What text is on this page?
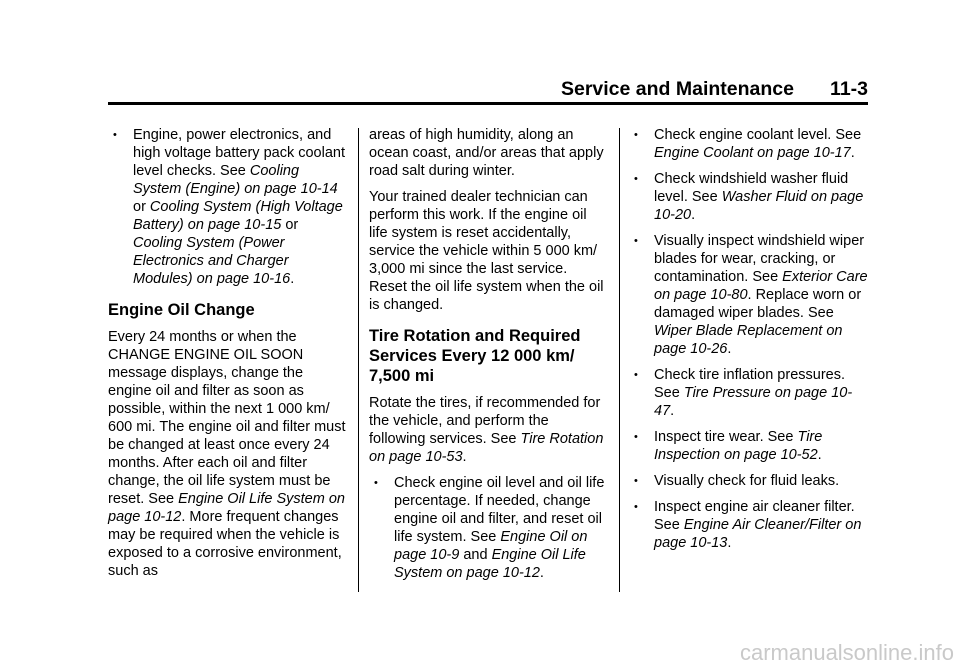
Service and Maintenance 11-3
• Engine, power electronics, and high voltage battery pack coolant level checks. See Cooling System (Engine) on page 10-14 or Cooling System (High Voltage Battery) on page 10-15 or Cooling System (Power Electronics and Charger Modules) on page 10-16.
Engine Oil Change

Every 24 months or when the CHANGE ENGINE OIL SOON message displays, change the engine oil and filter as soon as possible, within the next 1 000 km/ 600 mi. The engine oil and filter must be changed at least once every 24 months. After each oil and filter change, the oil life system must be reset. See Engine Oil Life System on page 10-12. More frequent changes may be required when the vehicle is exposed to a corrosive environment, such as

areas of high humidity, along an ocean coast, and/or areas that apply road salt during winter.

Your trained dealer technician can perform this work. If the engine oil life system is reset accidentally, service the vehicle within 5 000 km/ 3,000 mi since the last service. Reset the oil life system when the oil is changed.

Tire Rotation and Required Services Every 12 000 km/ 7,500 mi

Rotate the tires, if recommended for the vehicle, and perform the following services. See Tire Rotation on page 10-53.

• Check engine oil level and oil life percentage. If needed, change engine oil and filter, and reset oil life system. See Engine Oil on page 10-9 and Engine Oil Life System on page 10-12.
• Check engine coolant level. See Engine Coolant on page 10-17.
• Check windshield washer fluid level. See Washer Fluid on page 10-20.
• Visually inspect windshield wiper blades for wear, cracking, or contamination. See Exterior Care on page 10-80. Replace worn or damaged wiper blades. See Wiper Blade Replacement on page 10-26.
• Check tire inflation pressures. See Tire Pressure on page 10-47.
• Inspect tire wear. See Tire Inspection on page 10-52.
• Visually check for fluid leaks.
• Inspect engine air cleaner filter. See Engine Air Cleaner/Filter on page 10-13.
carmanualsonline.info
